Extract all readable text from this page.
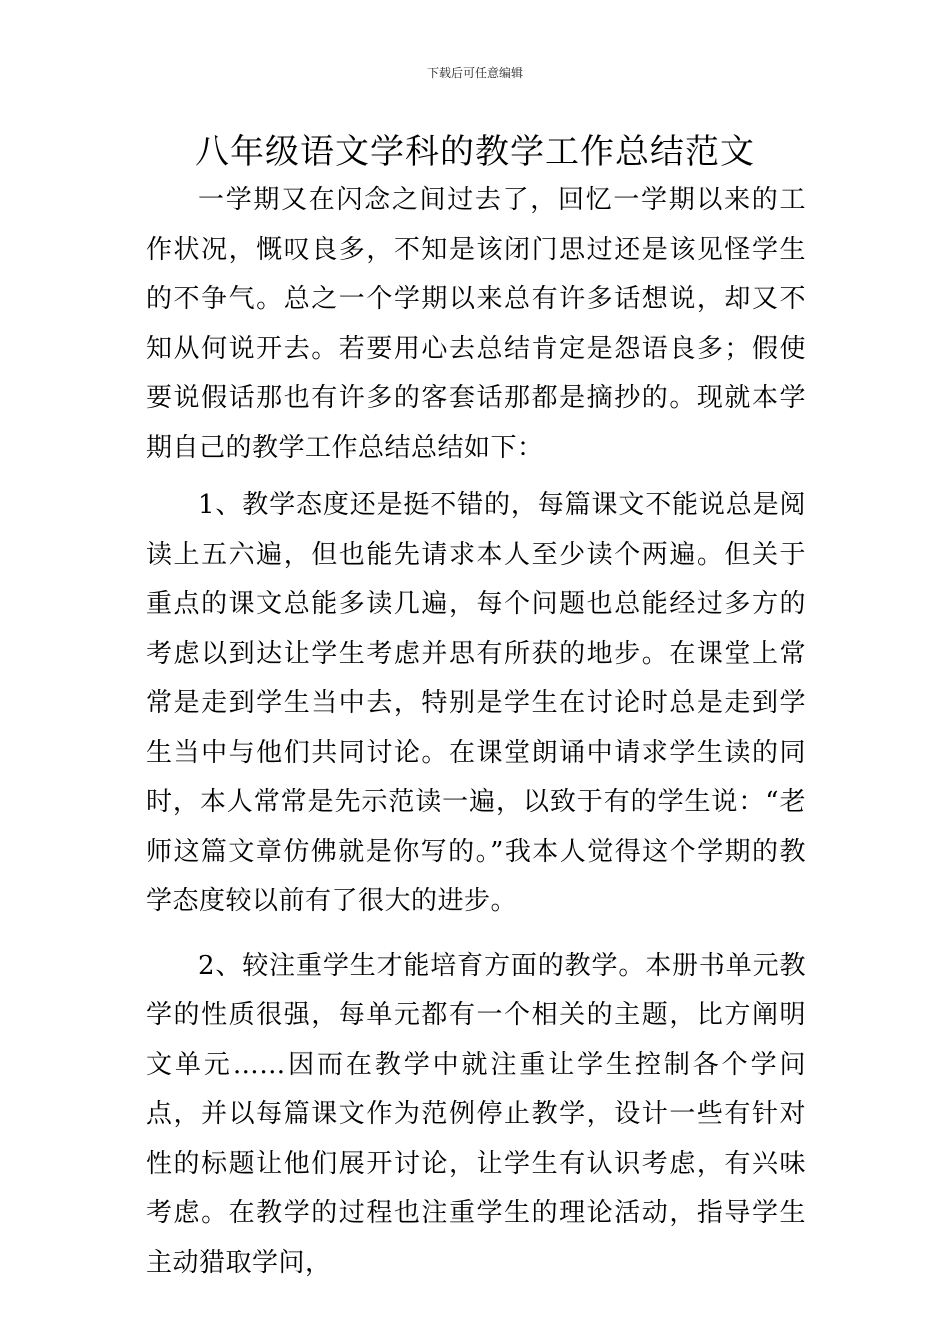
下载后可任意编辑
八年级语文学科的教学工作总结范文

一学期又在闪念之间过去了，回忆一学期以来的工作状况，慨叹良多，不知是该闭门思过还是该见怪学生的不争气。总之一个学期以来总有许多话想说，却又不知从何说开去。若要用心去总结肯定是怨语良多；假使要说假话那也有许多的客套话那都是摘抄的。现就本学期自己的教学工作总结总结如下：

1、教学态度还是挺不错的，每篇课文不能说总是阅读上五六遍，但也能先请求本人至少读个两遍。但关于重点的课文总能多读几遍，每个问题也总能经过多方的考虑以到达让学生考虑并思有所获的地步。在课堂上常常是走到学生当中去，特别是学生在讨论时总是走到学生当中与他们共同讨论。在课堂朗诵中请求学生读的同时，本人常常是先示范读一遍，以致于有的学生说：“老师这篇文章仿佛就是你写的。”我本人觉得这个学期的教学态度较以前有了很大的进步。

2、较注重学生才能培育方面的教学。本册书单元教学的性质很强，每单元都有一个相关的主题，比方阐明文单元……因而在教学中就注重让学生控制各个学问点，并以每篇课文作为范例停止教学，设计一些有针对性的标题让他们展开讨论，让学生有认识考虑，有兴味考虑。在教学的过程也注重学生的理论活动，指导学生主动猎取学问，
